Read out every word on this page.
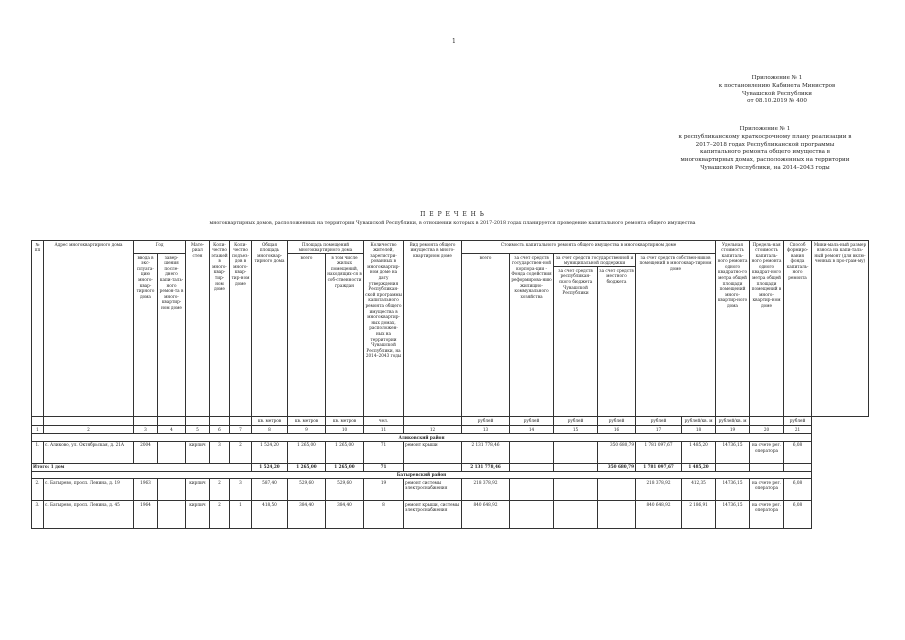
1
Приложение № 1
к постановлению Кабинета Министров
Чувашской Республики
от 08.10.2019 № 400
Приложение № 1
к республиканскому краткосрочному плану реализации в
2017–2018 годах Республиканской программы
капитального ремонта общего имущества в
многоквартирных домах, расположенных на территории
Чувашской Республики, на 2014–2043 годы
П Е Р Е Ч Е Н Ь
многоквартирных домов, расположенных на территории Чувашской Республики, в отношении которых в 2017-2018 годах планируется проведение капитального ремонта общего имущества
№ пп	Адрес многоквартирного дома	Год		Мате-риал стен	Коли-чество этажей в много-квар-тир-ном доме	Коли-чество подъез-дов в много-квар-тир-ном доме	Общая площадь многоквар-тирного дома	Площадь помещений многоквартирного дома		Количество жителей, зарегистри-рованных в многоквартир-ном доме на дату утверждения Республикан-ской программы капитального ремонта общего имущества в многоквартир-ных домах, расположен-ных на территории Чувашской Республики, на 2014–2043 годы	Вид ремонта общего имущества в много-квартирном доме	Стоимость капитального ремонта общего имущества в многоквартирном доме						Удельная стоимость капиталь-ного ремонта одного квадратно-го метра общей площади помещений много-квартир-ного дома	Предель-ная стоимость капиталь-ного ремонта одного квадрат-ного метра общей площади помещений в много-квартир-ном доме	Способ формиро-вания фонда капиталь-ного ремонта	Мини-маль-ный размер взноса на капи-таль-ный ремонт (для вклю-ченных в про-грам-му)
		ввода в экс-плуата-цию много-квар-тирного дома	завер-шения после-днего капи-таль-ного ремон-та в много-квартир-ном доме					всего	в том числе жилых помещений, находящих-ся в соб-ственности граждан			всего	за счет средств государствен-ной корпора-ции - Фонда содействия реформирова-нию жилищно-коммунального хозяйства	за счет средств государственной и муниципальной поддержки		за счет средств собствен-ников помещений в многоквар-тирном доме					
														за счет средств республикан-ского бюджета Чувашской Республики	за счет средств местного бюджета						
							кв. метров	кв. метров	кв. метров	чел.		рублей	рублей	рублей	рублей	рублей	рублей/кв. м	рублей/кв. м		рублей	
1	2	3	4	5	6	7	8	9	10	11	12	13	14	15	16	17	18	19	20	21	
Аликовский район																					
1.	с. Аликово, ул. Октябрьская, д. 21А	2004		кирпич	3	2	1 524,20	1 265,00	1 265,00	71	ремонт крыши	2 131 778,46			350 680,79	1 781 097,67	1 485,20	14736,15	на счете рег. оператора	6,08	
Итого: 1 дом							1 524,20	1 265,00	1 265,00	71		2 131 778,46			350 680,79	1 781 097,67	1 485,20				
Батыревский район																					
2.	с. Батырево, просп. Ленина, д. 19	1963		кирпич	2	3	587,40	529,60	529,60	19	ремонт системы электроснабжения	218 378,92				218 378,92	412,35	14736,15	на счете рег. оператора	6,08	
3.	с. Батырево, просп. Ленина, д. 45	1964		кирпич	2	1	418,50	384,40	384,40	8	ремонт крыши, системы электроснабжения	840 648,92				840 648,92	2 186,91	14736,15	на счете рег. оператора	6,08	
